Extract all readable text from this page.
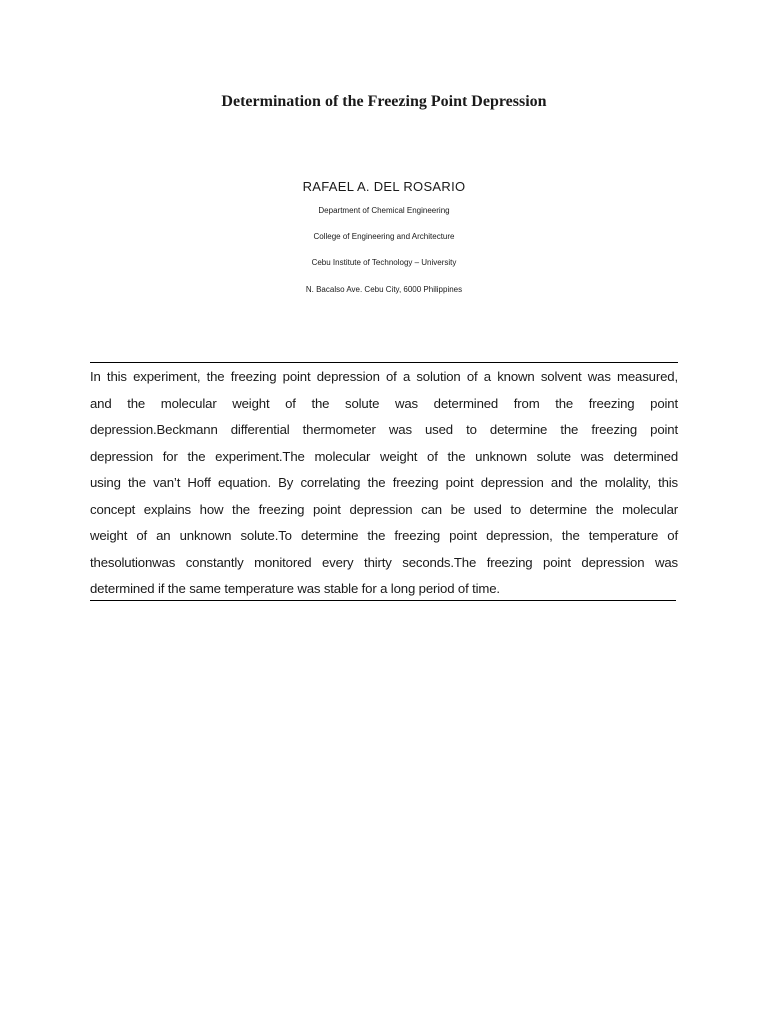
Determination of the Freezing Point Depression
RAFAEL A. DEL ROSARIO
Department of Chemical Engineering
College of Engineering and Architecture
Cebu Institute of Technology – University
N. Bacalso Ave. Cebu City, 6000 Philippines
In this experiment, the freezing point depression of a solution of a known solvent was measured,
and the molecular weight of the solute was determined from the freezing point
depression.Beckmann differential thermometer was used to determine the freezing point
depression for the experiment.The molecular weight of the unknown solute was determined
using the van’t Hoff equation. By correlating the freezing point depression and the molality, this
concept explains how the freezing point depression can be used to determine the molecular
weight of an unknown solute.To determine the freezing point depression, the temperature of
thesolutionwas constantly monitored every thirty seconds.The freezing point depression was
determined if the same temperature was stable for a long period of time.
